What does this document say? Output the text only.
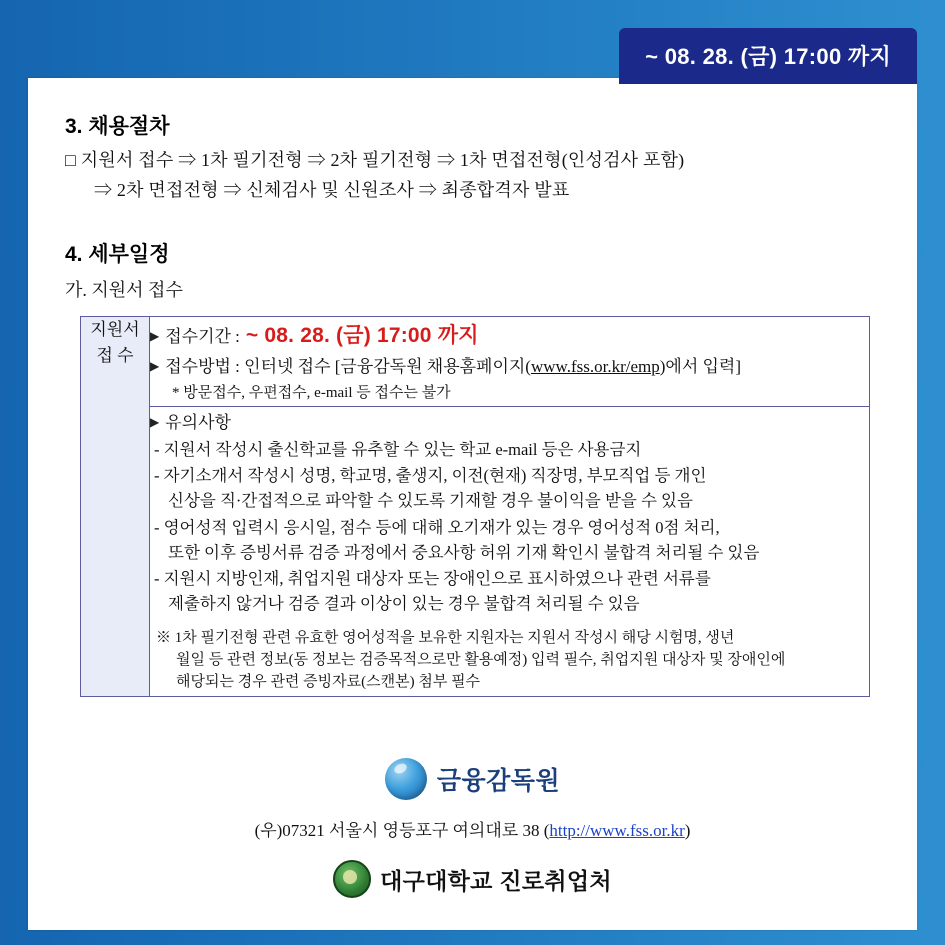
~ 08. 28. (금) 17:00 까지
3. 채용절차
□ 지원서 접수 ⇒ 1차 필기전형 ⇒ 2차 필기전형 ⇒ 1차 면접전형(인성검사 포함)
⇒ 2차 면접전형 ⇒ 신체검사 및 신원조사 ⇒ 최종합격자 발표
4. 세부일정
가. 지원서 접수
지원서
접 수

▶ 접수기간 : ~ 08. 28. (금) 17:00 까지
▶ 접수방법 : 인터넷 접수 [금융감독원 채용홈페이지( www.fss.or.kr/emp )에서 입력]
* 방문접수, 우편접수, e-mail 등 접수는 불가

▶ 유의사항
- 지원서 작성시 출신학교를 유추할 수 있는 학교 e-mail 등은 사용금지
- 자기소개서 작성시 성명, 학교명, 출생지, 이전(현재) 직장명, 부모직업 등 개인
신상을 직·간접적으로 파악할 수 있도록 기재할 경우 불이익을 받을 수 있음
- 영어성적 입력시 응시일, 점수 등에 대해 오기재가 있는 경우 영어성적 0점 처리,
또한 이후 증빙서류 검증 과정에서 중요사항 허위 기재 확인시 불합격 처리될 수 있음
- 지원시 지방인재, 취업지원 대상자 또는 장애인으로 표시하였으나 관련 서류를
제출하지 않거나 검증 결과 이상이 있는 경우 불합격 처리될 수 있음
※ 1차 필기전형 관련 유효한 영어성적을 보유한 지원자는 지원서 작성시 해당 시험명, 생년
월일 등 관련 정보(동 정보는 검증목적으로만 활용예정) 입력 필수, 취업지원 대상자 및 장애인에
해당되는 경우 관련 증빙자료(스캔본) 첨부 필수
금융감독원
(우)07321 서울시 영등포구 여의대로 38 (http://www.fss.or.kr)
대구대학교 진로취업처
